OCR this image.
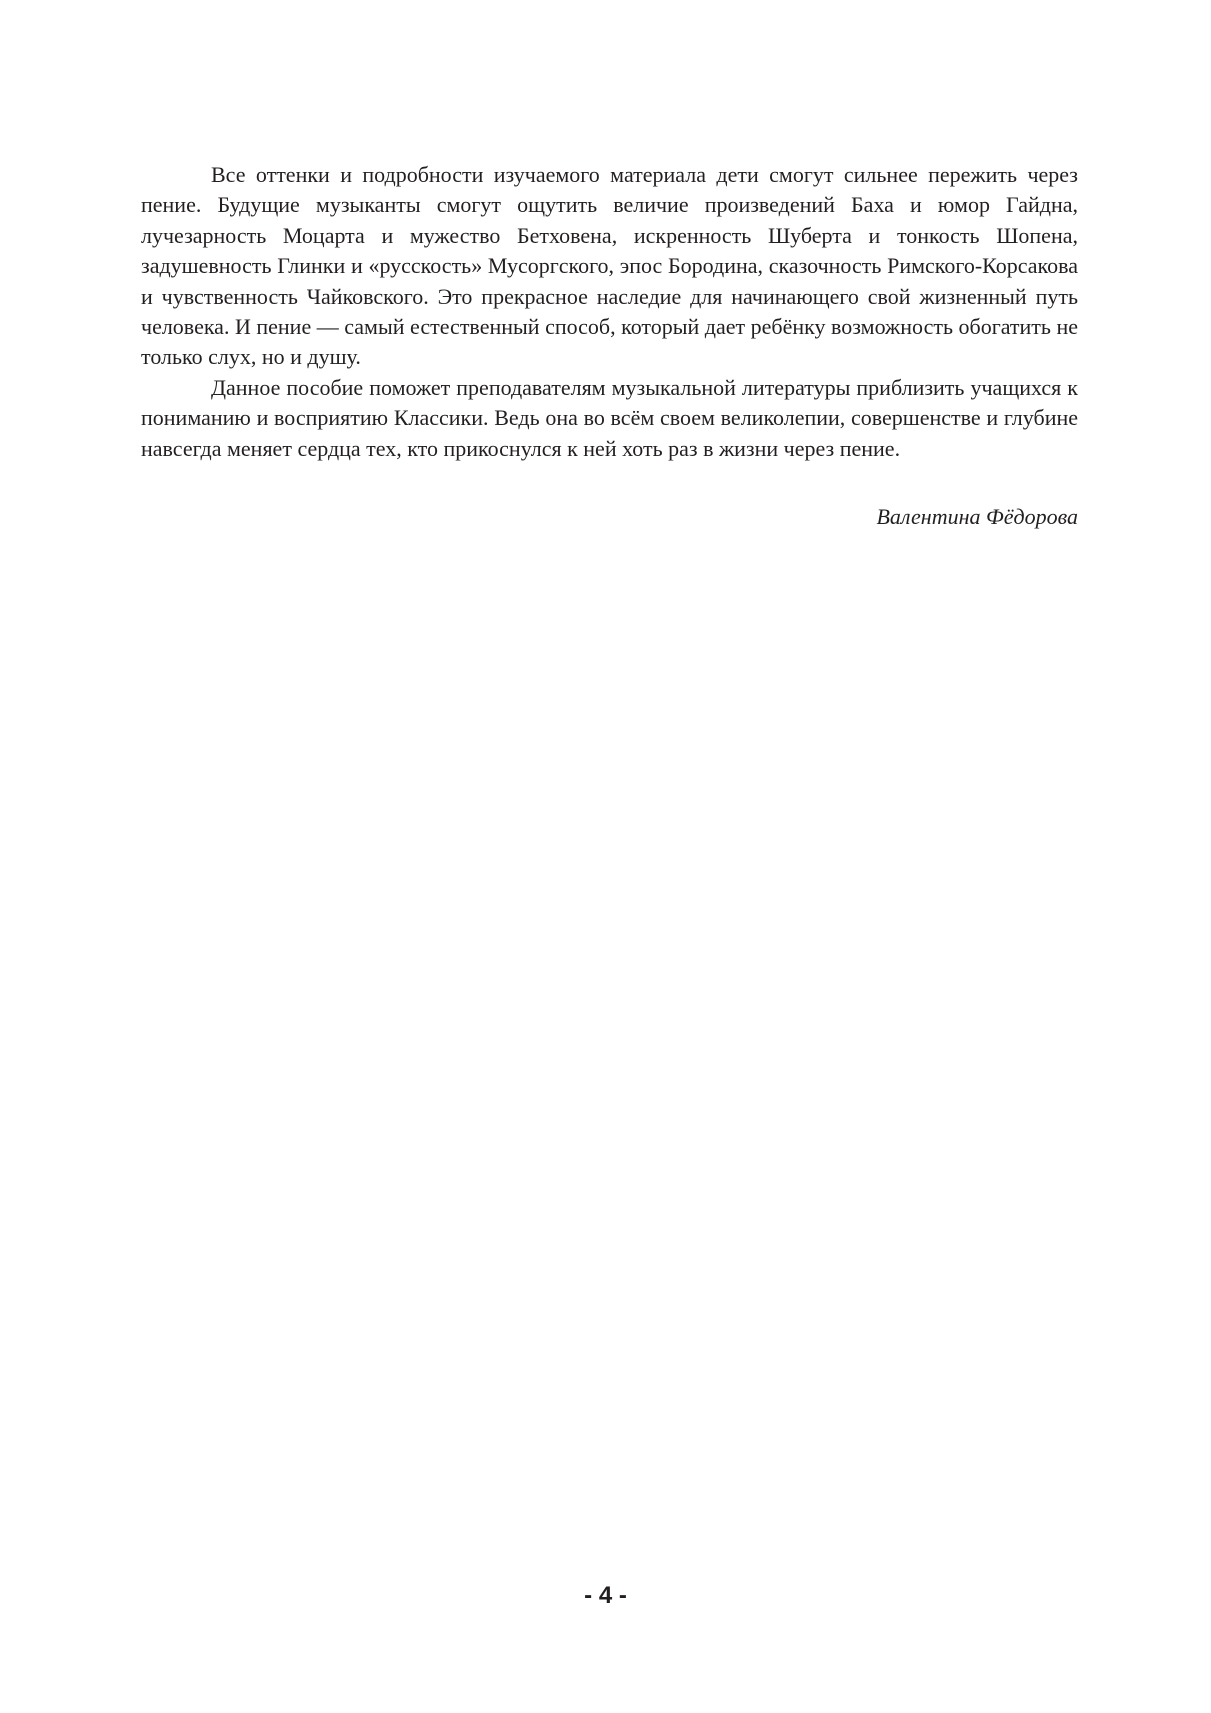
Все оттенки и подробности изучаемого материала дети смогут сильнее пережить через пение. Будущие музыканты смогут ощутить величие произведений Баха и юмор Гайдна, лучезарность Моцарта и мужество Бетховена, искренность Шуберта и тонкость Шопена, задушевность Глинки и «русскость» Мусоргского, эпос Бородина, сказочность Римского-Корсакова и чувственность Чайковского. Это прекрасное наследие для начинающего свой жизненный путь человека. И пение — самый естественный способ, который дает ребёнку возможность обогатить не только слух, но и душу.

Данное пособие поможет преподавателям музыкальной литературы приблизить учащихся к пониманию и восприятию Классики. Ведь она во всём своем великолепии, совершенстве и глубине навсегда меняет сердца тех, кто прикоснулся к ней хоть раз в жизни через пение.

Валентина Фёдорова
- 4 -
